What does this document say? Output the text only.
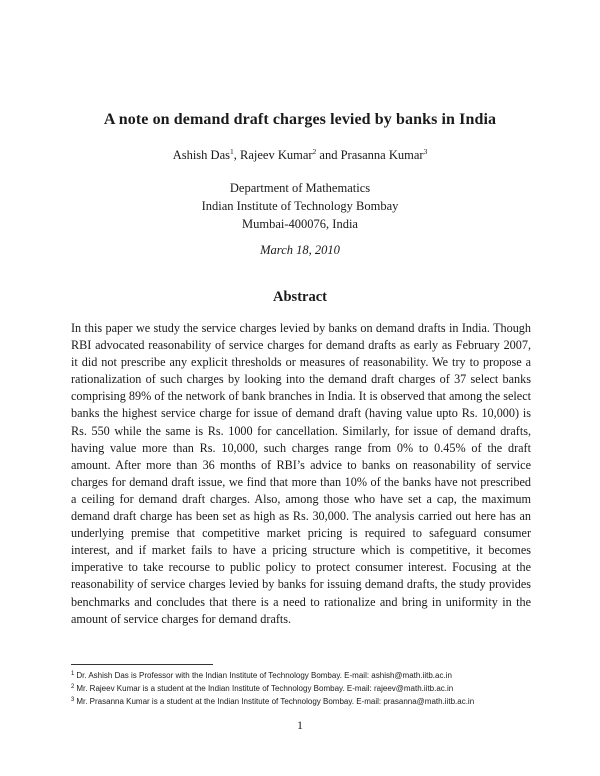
A note on demand draft charges levied by banks in India
Ashish Das$^1$, Rajeev Kumar$^2$ and Prasanna Kumar$^3$
Department of Mathematics
Indian Institute of Technology Bombay
Mumbai-400076, India
March 18, 2010
Abstract

In this paper we study the service charges levied by banks on demand drafts in India. Though RBI advocated reasonability of service charges for demand drafts as early as February 2007, it did not prescribe any explicit thresholds or measures of reasonability. We try to propose a rationalization of such charges by looking into the demand draft charges of 37 select banks comprising 89% of the network of bank branches in India. It is observed that among the select banks the highest service charge for issue of demand draft (having value upto Rs. 10,000) is Rs. 550 while the same is Rs. 1000 for cancellation. Similarly, for issue of demand drafts, having value more than Rs. 10,000, such charges range from 0% to 0.45% of the draft amount. After more than 36 months of RBI’s advice to banks on reasonability of service charges for demand draft issue, we find that more than 10% of the banks have not prescribed a ceiling for demand draft charges. Also, among those who have set a cap, the maximum demand draft charge has been set as high as Rs. 30,000. The analysis carried out here has an underlying premise that competitive market pricing is required to safeguard consumer interest, and if market fails to have a pricing structure which is competitive, it becomes imperative to take recourse to public policy to protect consumer interest. Focusing at the reasonability of service charges levied by banks for issuing demand drafts, the study provides benchmarks and concludes that there is a need to rationalize and bring in uniformity in the amount of service charges for demand drafts.

$^1$ Dr. Ashish Das is Professor with the Indian Institute of Technology Bombay. E-mail: ashish@math.iitb.ac.in
$^2$ Mr. Rajeev Kumar is a student at the Indian Institute of Technology Bombay. E-mail: rajeev@math.iitb.ac.in
$^3$ Mr. Prasanna Kumar is a student at the Indian Institute of Technology Bombay. E-mail: prasanna@math.iitb.ac.in
1
